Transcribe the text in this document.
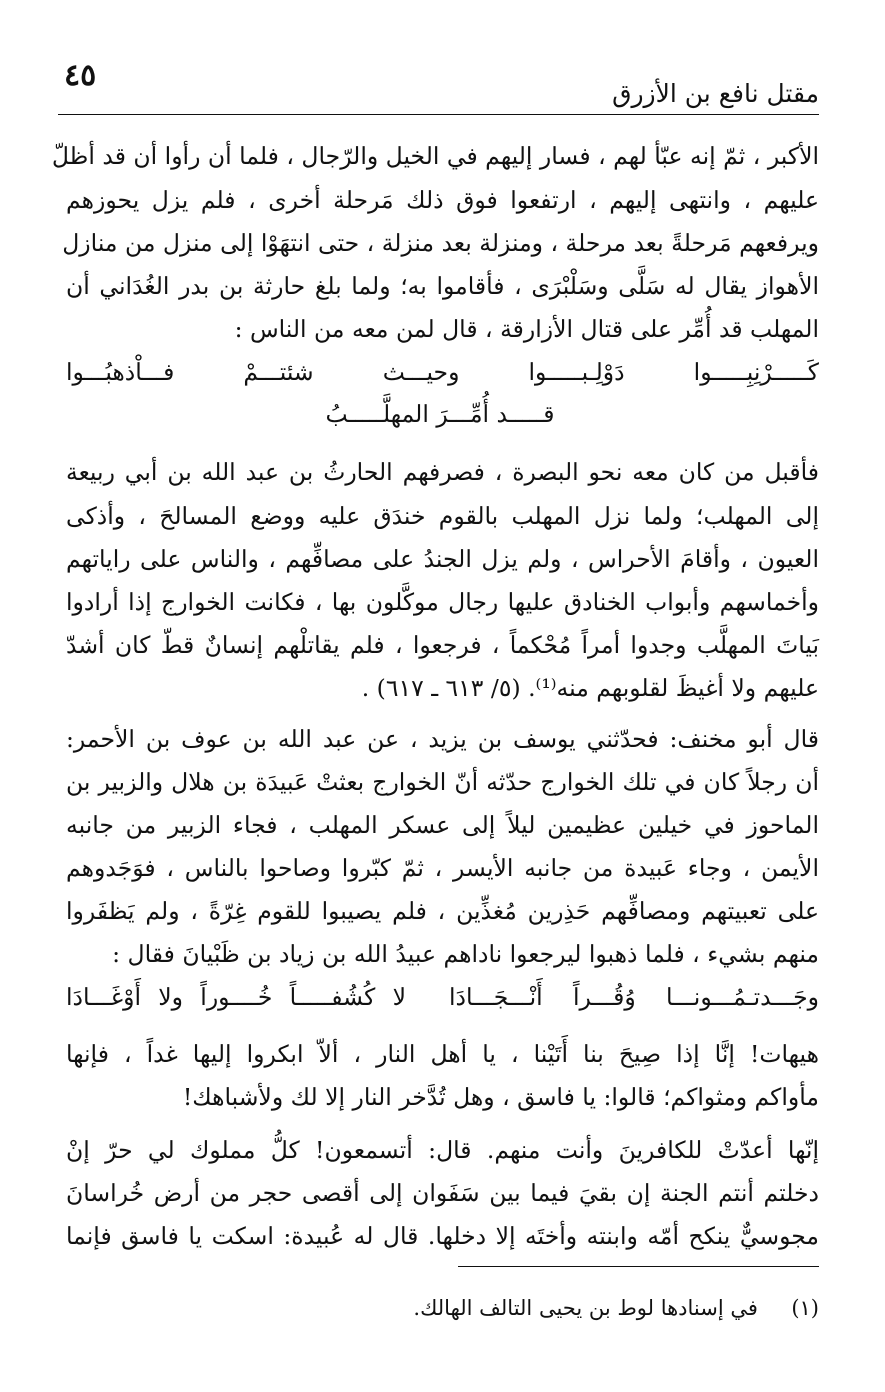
مقتل نافع بن الأزرق
٤٥
الأكبر ، ثمّ إنه عبّأ لهم ، فسار إليهم في الخيل والرّجال ، فلما أن رأوا أن قد أظلّ
عليهم ، وانتهى إليهم ، ارتفعوا فوق ذلك مَرحلة أخرى ، فلم يزل يحوزهم
ويرفعهم مَرحلةً بعد مرحلة ، ومنزلة بعد منزلة ، حتى انتهَوْا إلى منزل من منازل
الأهواز يقال له سَلَّى وسَلْبْرَى ، فأقاموا به؛ ولما بلغ حارثة بن بدر الغُدَاني أن
المهلب قد أُمِّر على قتال الأزارقة ، قال لمن معه من الناس :
كَـــــرْنِبِـــــوا دَوْلِـبـــــوا وحيـــث شئتـــمْ فـــاْذهبُـــوا
قـــــد أُمِّـــرَ المهلَّـــــبُ
فأقبل من كان معه نحو البصرة ، فصرفهم الحارثُ بن عبد الله بن أبي ربيعة
إلى المهلب؛ ولما نزل المهلب بالقوم خندَق عليه ووضع المسالحَ ، وأذكى
العيون ، وأقامَ الأحراس ، ولم يزل الجندُ على مصافِّهم ، والناس على راياتهم
وأخماسهم وأبواب الخنادق عليها رجال موكَّلون بها ، فكانت الخوارج إذا أرادوا
بَياتَ المهلَّب وجدوا أمراً مُحْكماً ، فرجعوا ، فلم يقاتلْهم إنسانٌ قطّ كان أشدّ
عليهم ولا أغيظَ لقلوبهم منه⁽¹⁾. (٥/ ٦١٣ ـ ٦١٧) .
قال أبو مخنف: فحدّثني يوسف بن يزيد ، عن عبد الله بن عوف بن الأحمر:
أن رجلاً كان في تلك الخوارج حدّثه أنّ الخوارج بعثتْ عَبيدَة بن هلال والزبير بن
الماحوز في خيلين عظيمين ليلاً إلى عسكر المهلب ، فجاء الزبير من جانبه
الأيمن ، وجاء عَبيدة من جانبه الأيسر ، ثمّ كبّروا وصاحوا بالناس ، فوَجَدوهم
على تعبيتهم ومصافِّهم حَذِرين مُغذِّين ، فلم يصيبوا للقوم غِرّةً ، ولم يَظفَروا
منهم بشيء ، فلما ذهبوا ليرجعوا ناداهم عبيدُ الله بن زياد بن ظَبْيانَ فقال :
وجَـــدتـمُـــونـــا وُقُـــراً أَنْـــجَـــادَا
لا كُشُفـــــاً خُــــوراً ولا أَوْغَـــادَا
هيهات! إنَّا إذا صِيحَ بنا أَتَيْنا ، يا أهل النار ، ألاّ ابكروا إليها غداً ، فإنها
مأواكم ومثواكم؛ قالوا: يا فاسق ، وهل تُدَّخر النار إلا لك ولأشباهك!
إنّها أعدّتْ للكافرينَ وأنت منهم. قال: أتسمعون! كلُّ مملوك لي حرّ إنْ
دخلتم أنتم الجنة إن بقيَ فيما بين سَفَوان إلى أقصى حجر من أرض خُراسانَ
مجوسيٌّ ينكح أمّه وابنته وأختَه إلا دخلها. قال له عُبيدة: اسكت يا فاسق فإنما
(١)     في إسنادها لوط بن يحيى التالف الهالك.
